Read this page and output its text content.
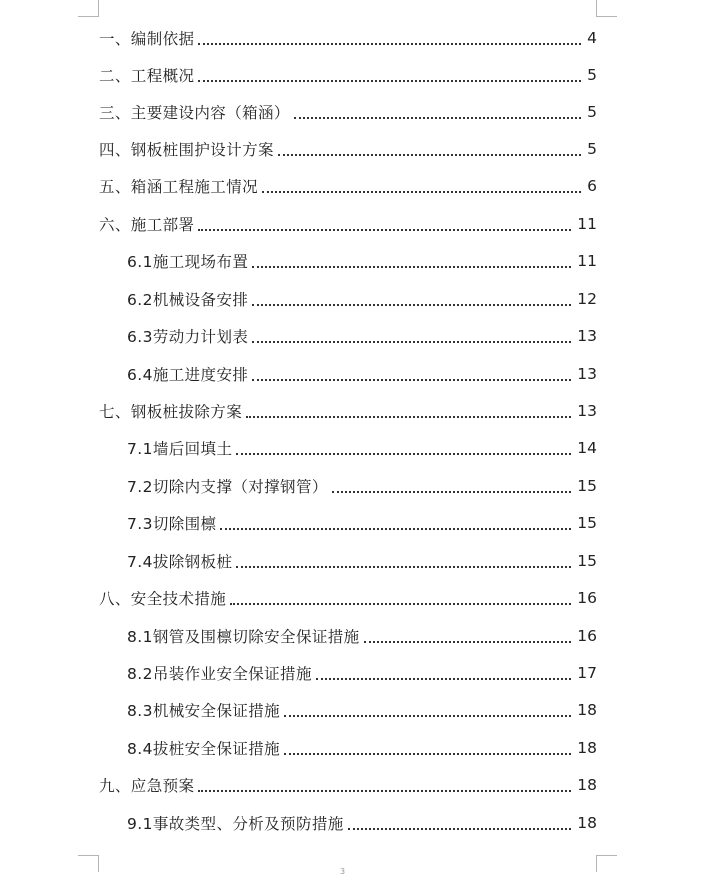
一、编制依据	4
二、工程概况	5
三、主要建设内容（箱涵）	5
四、钢板桩围护设计方案	5
五、箱涵工程施工情况	6
六、施工部署	11
6.1施工现场布置	11
6.2机械设备安排	12
6.3劳动力计划表	13
6.4施工进度安排	13
七、钢板桩拔除方案	13
7.1墙后回填土	14
7.2切除内支撑（对撑钢管）	15
7.3切除围檩	15
7.4拔除钢板桩	15
八、安全技术措施	16
8.1钢管及围檩切除安全保证措施	16
8.2吊装作业安全保证措施	17
8.3机械安全保证措施	18
8.4拔桩安全保证措施	18
九、应急预案	18
9.1事故类型、分析及预防措施	18
3
